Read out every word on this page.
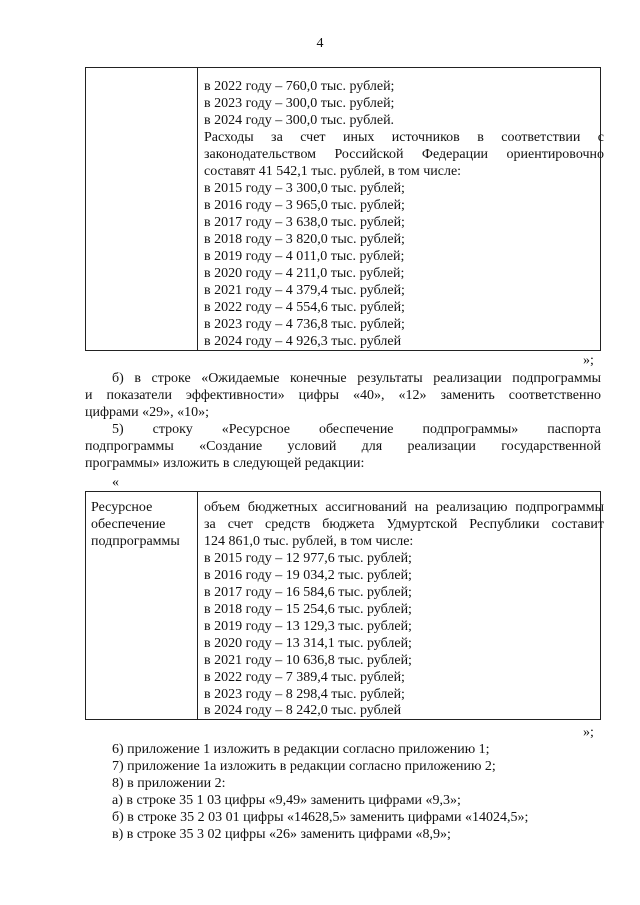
4
в 2022 году – 760,0 тыс. рублей;
в 2023 году – 300,0 тыс. рублей;
в 2024 году – 300,0 тыс. рублей.
Расходы за счет иных источников в соответствии с
законодательством Российской Федерации ориентировочно
составят 41 542,1 тыс. рублей, в том числе:
в 2015 году – 3 300,0 тыс. рублей;
в 2016 году – 3 965,0 тыс. рублей;
в 2017 году – 3 638,0 тыс. рублей;
в 2018 году – 3 820,0 тыс. рублей;
в 2019 году – 4 011,0 тыс. рублей;
в 2020 году – 4 211,0 тыс. рублей;
в 2021 году – 4 379,4 тыс. рублей;
в 2022 году – 4 554,6 тыс. рублей;
в 2023 году – 4 736,8 тыс. рублей;
в 2024 году – 4 926,3 тыс. рублей
»;
б) в строке «Ожидаемые конечные результаты реализации подпрограммы
и показатели эффективности» цифры «40», «12» заменить соответственно
цифрами «29», «10»;
5) строку «Ресурсное обеспечение подпрограммы» паспорта
подпрограммы «Создание условий для реализации государственной
программы» изложить в следующей редакции:
«
Ресурсное
обеспечение
подпрограммы
объем бюджетных ассигнований на реализацию подпрограммы
за счет средств бюджета Удмуртской Республики составит
124 861,0 тыс. рублей, в том числе:
в 2015 году – 12 977,6 тыс. рублей;
в 2016 году – 19 034,2 тыс. рублей;
в 2017 году – 16 584,6 тыс. рублей;
в 2018 году – 15 254,6 тыс. рублей;
в 2019 году – 13 129,3 тыс. рублей;
в 2020 году – 13 314,1 тыс. рублей;
в 2021 году – 10 636,8 тыс. рублей;
в 2022 году – 7 389,4 тыс. рублей;
в 2023 году – 8 298,4 тыс. рублей;
в 2024 году – 8 242,0 тыс. рублей
»;
6) приложение 1 изложить в редакции согласно приложению 1;
7) приложение 1а изложить в редакции согласно приложению 2;
8) в приложении 2:
а) в строке 35 1 03 цифры «9,49» заменить цифрами «9,3»;
б) в строке 35 2 03 01 цифры «14628,5» заменить цифрами «14024,5»;
в) в строке 35 3 02 цифры «26» заменить цифрами «8,9»;
